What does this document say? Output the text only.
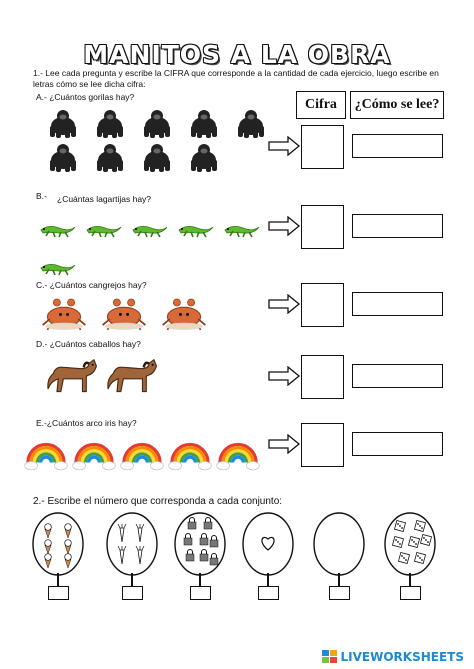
MANITOS A LA OBRA
1.- Lee cada pregunta y escribe la CIFRA que corresponde a la cantidad de cada ejercicio, luego escribe en letras cómo se lee dicha cifra:
Cifra	¿Cómo se lee?
A.- ¿Cuántos gorilas hay?
B.- ¿Cuántas lagartijas hay?
C.- ¿Cuántos cangrejos hay?
D.- ¿Cuántos caballos hay?
E.-¿Cuántos arco iris hay?
2.- Escribe el número que corresponda a cada conjunto:
LIVEWORKSHEETS
